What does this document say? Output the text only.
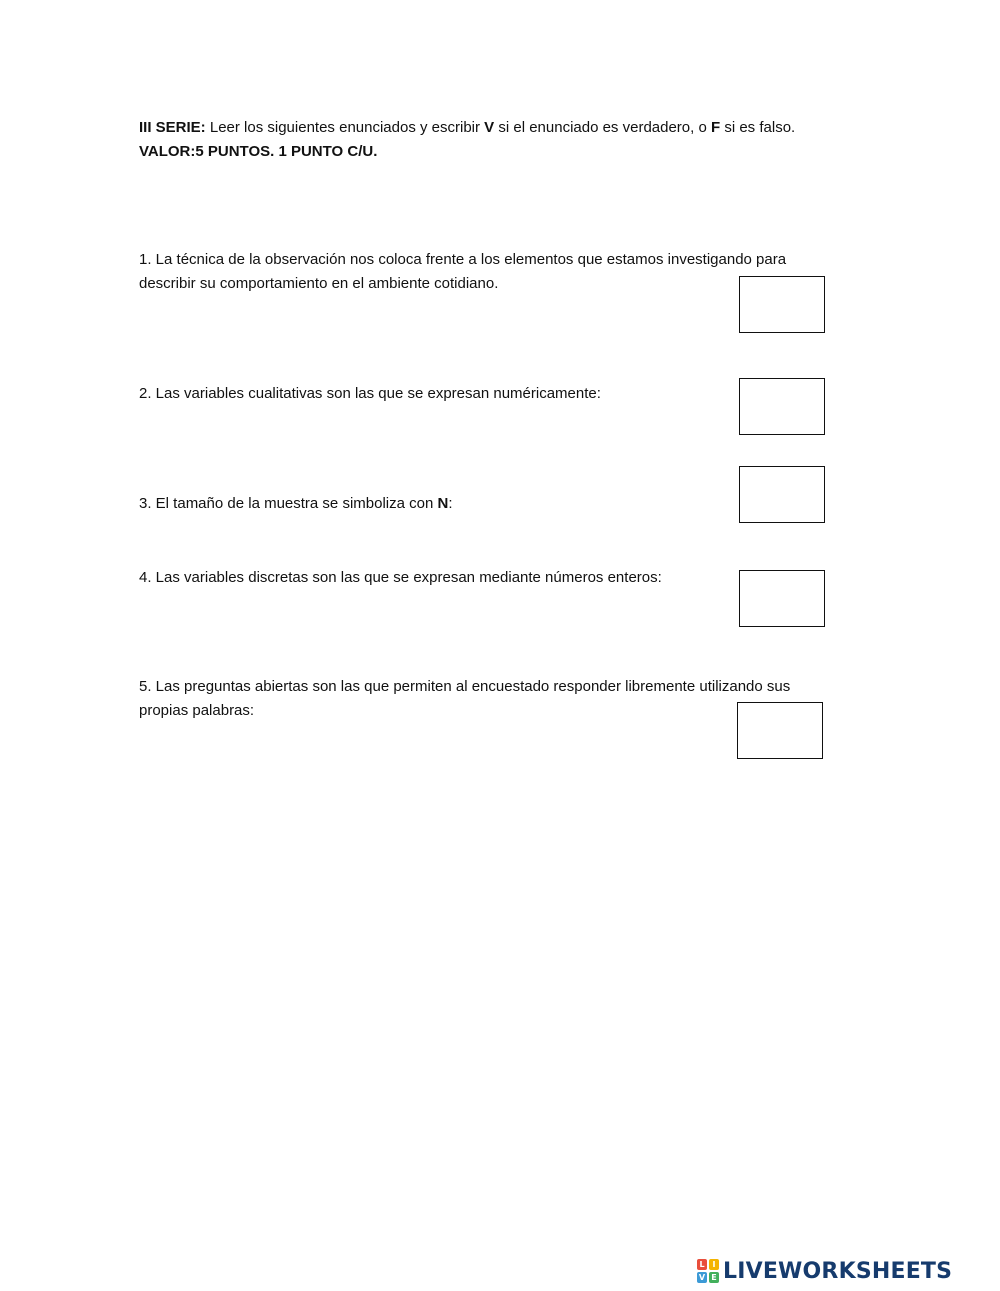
III SERIE: Leer los siguientes enunciados y escribir V si el enunciado es verdadero, o F si es falso.
VALOR:5 PUNTOS. 1 PUNTO C/U.
1. La técnica de la observación nos coloca frente a los elementos que estamos investigando para
describir su comportamiento en el ambiente cotidiano.
2. Las variables cualitativas son las que se expresan numéricamente:
3. El tamaño de la muestra se simboliza con N:
4. Las variables discretas son las que se expresan mediante números enteros:
5. Las preguntas abiertas son las que permiten al encuestado responder libremente utilizando sus
propias palabras:
L I
V E LIVEWORKSHEETS
